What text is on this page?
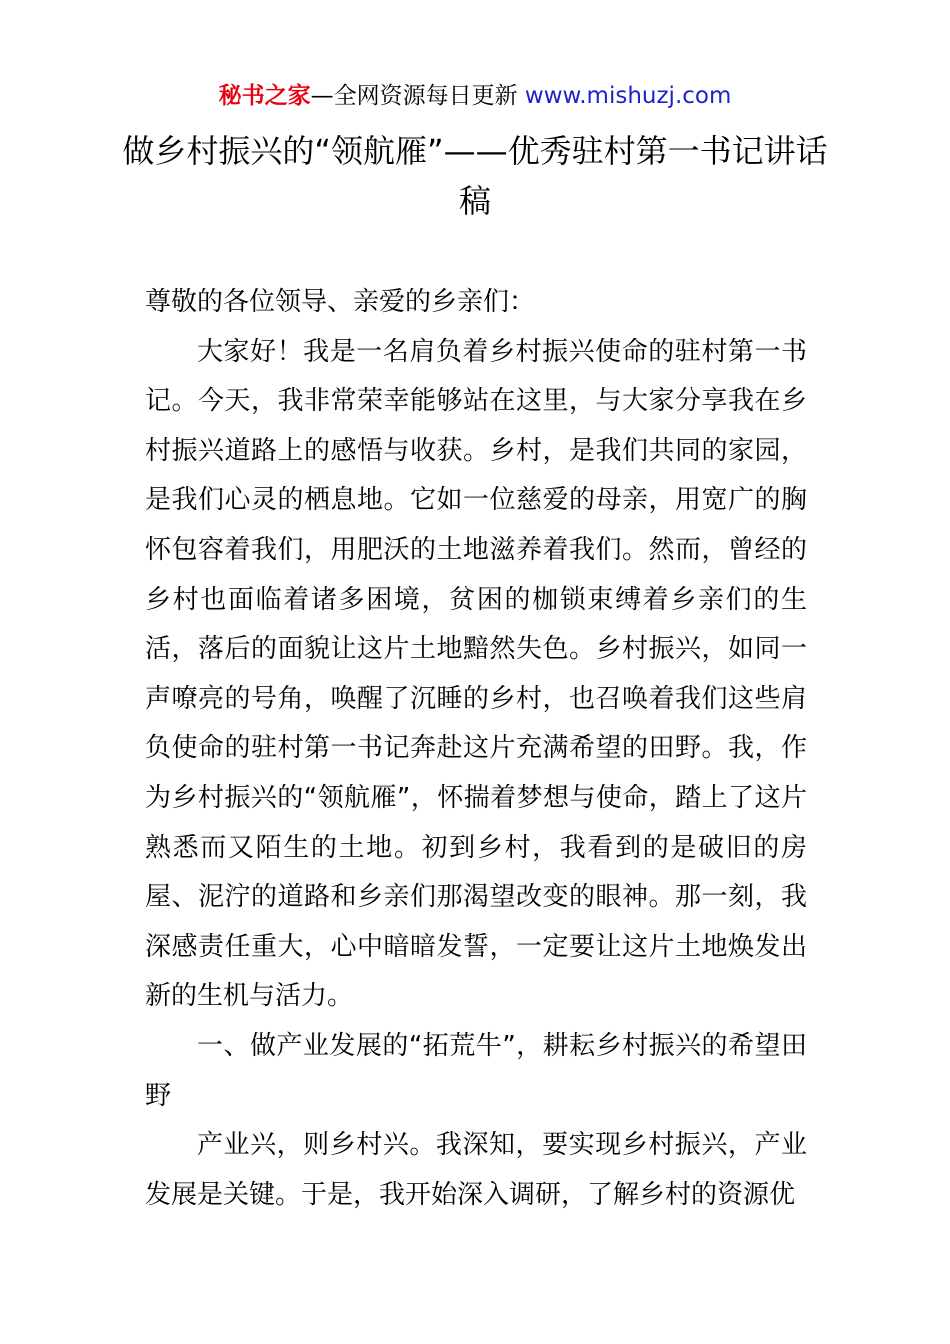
秘书之家—全网资源每日更新 www.mishuzj.com
做乡村振兴的“领航雁”——优秀驻村第一书记讲话稿

尊敬的各位领导、亲爱的乡亲们：

大家好！我是一名肩负着乡村振兴使命的驻村第一书记。今天，我非常荣幸能够站在这里，与大家分享我在乡村振兴道路上的感悟与收获。乡村，是我们共同的家园，是我们心灵的栖息地。它如一位慈爱的母亲，用宽广的胸怀包容着我们，用肥沃的土地滋养着我们。然而，曾经的乡村也面临着诸多困境，贫困的枷锁束缚着乡亲们的生活，落后的面貌让这片土地黯然失色。乡村振兴，如同一声嘹亮的号角，唤醒了沉睡的乡村，也召唤着我们这些肩负使命的驻村第一书记奔赴这片充满希望的田野。我，作为乡村振兴的“领航雁”，怀揣着梦想与使命，踏上了这片熟悉而又陌生的土地。初到乡村，我看到的是破旧的房屋、泥泞的道路和乡亲们那渴望改变的眼神。那一刻，我深感责任重大，心中暗暗发誓，一定要让这片土地焕发出新的生机与活力。

一、做产业发展的“拓荒牛”，耕耘乡村振兴的希望田野

产业兴，则乡村兴。我深知，要实现乡村振兴，产业发展是关键。于是，我开始深入调研，了解乡村的资源优
